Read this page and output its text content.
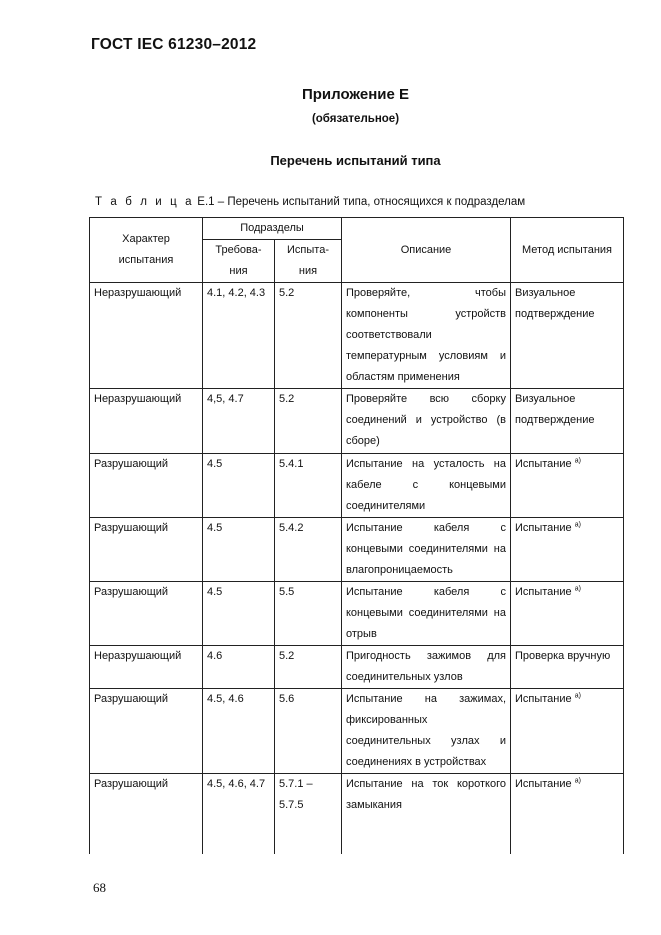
ГОСТ IEC 61230–2012
Приложение Е
(обязательное)
Перечень испытаний типа
Т а б л и ц а Е.1 – Перечень испытаний типа, относящихся к подразделам
Характер испытания	Подразделы		Описание	Метод испытания
	Требова-ния	Испыта-ния		
Неразрушающий	4.1, 4.2, 4.3	5.2	Проверяйте, чтобы компоненты устройств соответствовали температурным условиям и областям применения	Визуальное подтверждение
Неразрушающий	4,5, 4.7	5.2	Проверяйте всю сборку соединений и устройство (в сборе)	Визуальное подтверждение
Разрушающий	4.5	5.4.1	Испытание на усталость на кабеле с концевыми соединителями	Испытание $^{а)}$
Разрушающий	4.5	5.4.2	Испытание кабеля с концевыми соединителями на влагопроницаемость	Испытание $^{а)}$
Разрушающий	4.5	5.5	Испытание кабеля с концевыми соединителями на отрыв	Испытание $^{а)}$
Неразрушающий	4.6	5.2	Пригодность зажимов для соединительных узлов	Проверка вручную
Разрушающий	4.5, 4.6	5.6	Испытание на зажимах, фиксированных соединительных узлах и соединениях в устройствах	Испытание $^{а)}$
Разрушающий	4.5, 4.6, 4.7	5.7.1 – 5.7.5	Испытание на ток короткого замыкания	Испытание $^{а)}$
68
